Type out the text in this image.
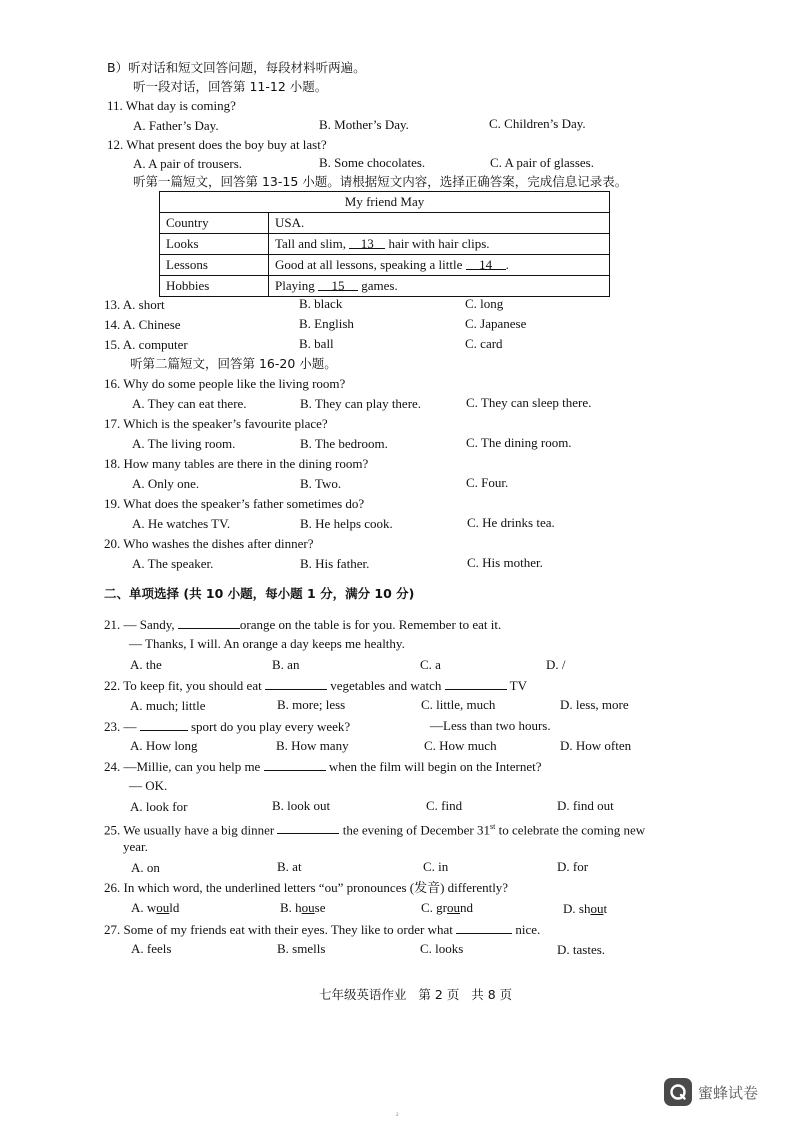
B）听对话和短文回答问题，每段材料听两遍。
听一段对话，回答第 11-12 小题。
11. What day is coming?
A. Father’s Day.	B. Mother’s Day.	C. Children’s Day.
12. What present does the boy buy at last?
A. A pair of trousers.	B. Some chocolates.	C. A pair of glasses.
听第一篇短文，回答第 13-15 小题。请根据短文内容，选择正确答案，完成信息记录表。
My friend May	
Country	USA.
Looks	Tall and slim, 13 hair with hair clips.
Lessons	Good at all lessons, speaking a little 14 .
Hobbies	Playing 15 games.
13. A. short	B. black	C. long
14. A. Chinese	B. English	C. Japanese
15. A. computer	B. ball	C. card
听第二篇短文，回答第 16-20 小题。
16. Why do some people like the living room?
A. They can eat there.	B. They can play there.	C. They can sleep there.
17. Which is the speaker’s favourite place?
A. The living room.	B. The bedroom.	C. The dining room.
18. How many tables are there in the dining room?
A. Only one.	B. Two.	C. Four.
19. What does the speaker’s father sometimes do?
A. He watches TV.	B. He helps cook.	C. He drinks tea.
20. Who washes the dishes after dinner?
A. The speaker.	B. His father.	C. His mother.
二、单项选择 (共 10 小题，每小题 1 分，满分 10 分)
21. — Sandy,	orange on the table is for you. Remember to eat it.
— Thanks, I will. An orange a day keeps me healthy.
A. the	B. an	C. a	D. /
22. To keep fit, you should eat	vegetables and watch	TV
A. much; little	B. more; less	C. little, much	D. less, more
23. —	sport do you play every week?	—Less than two hours.
A. How long	B. How many	C. How much	D. How often
24. —Millie, can you help me	when the film will begin on the Internet?
— OK.
A. look for	B. look out	C. find	D. find out
25. We usually have a big dinner	the evening of December 31st to celebrate the coming new
year.
A. on	B. at	C. in	D. for
26. In which word, the underlined letters “ou” pronounces (发音) differently?
A. would	B. house	C. ground	D. shout
27. Some of my friends eat with their eyes. They like to order what	nice.
A. feels	B. smells	C. looks	D. tastes.
七年级英语作业   第 2 页   共 8 页
蜜蜂试卷
2
